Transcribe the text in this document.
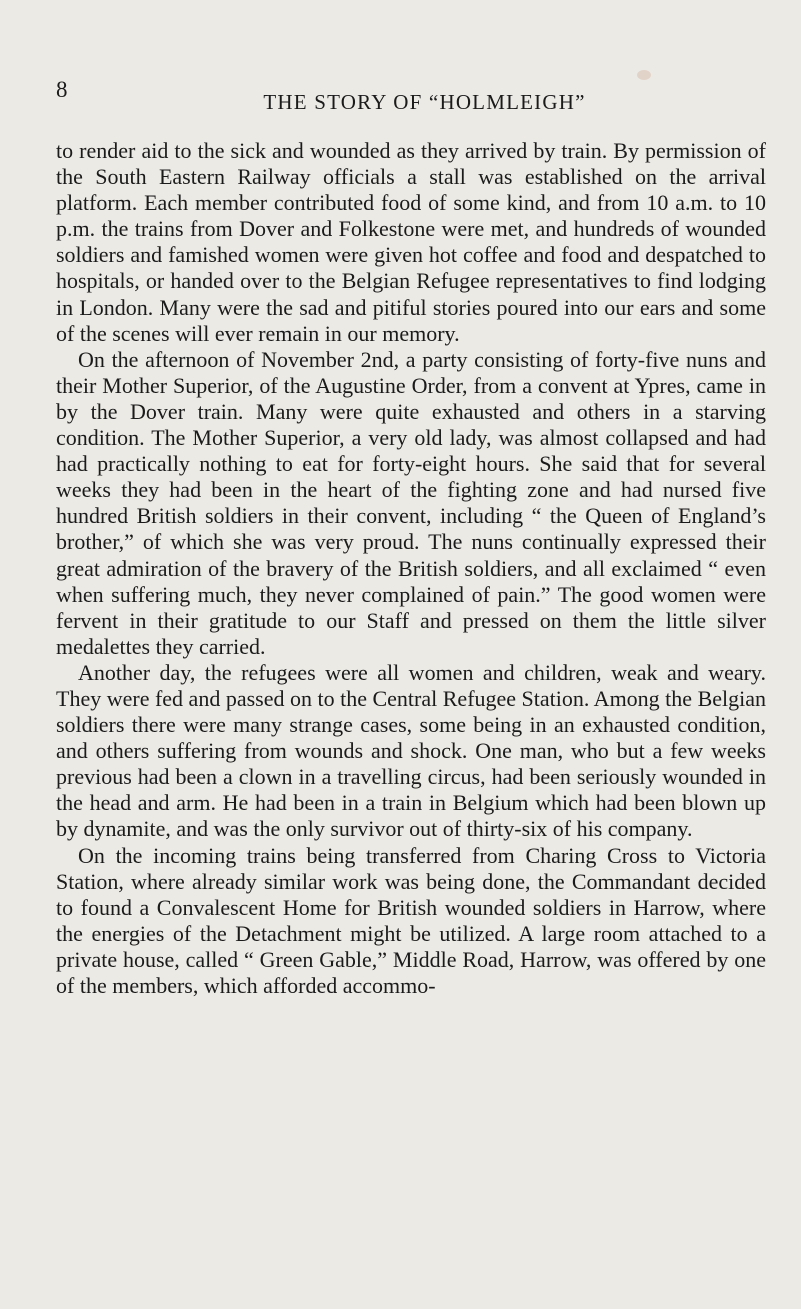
8	THE STORY OF “HOLMLEIGH”

to render aid to the sick and wounded as they arrived by train. By permission of the South Eastern Railway officials a stall was established on the arrival platform. Each member contributed food of some kind, and from 10 a.m. to 10 p.m. the trains from Dover and Folkestone were met, and hundreds of wounded soldiers and famished women were given hot coffee and food and despatched to hospitals, or handed over to the Belgian Refugee representatives to find lodging in London. Many were the sad and pitiful stories poured into our ears and some of the scenes will ever remain in our memory.

On the afternoon of November 2nd, a party consisting of forty-five nuns and their Mother Superior, of the Augustine Order, from a convent at Ypres, came in by the Dover train. Many were quite exhausted and others in a starving condition. The Mother Superior, a very old lady, was almost collapsed and had had practically nothing to eat for forty-eight hours. She said that for several weeks they had been in the heart of the fighting zone and had nursed five hundred British soldiers in their convent, including “ the Queen of England’s brother,” of which she was very proud. The nuns continually expressed their great admiration of the bravery of the British soldiers, and all exclaimed “ even when suffering much, they never complained of pain.” The good women were fervent in their gratitude to our Staff and pressed on them the little silver medalettes they carried.

Another day, the refugees were all women and children, weak and weary. They were fed and passed on to the Central Refugee Station. Among the Belgian soldiers there were many strange cases, some being in an exhausted condition, and others suffering from wounds and shock. One man, who but a few weeks previous had been a clown in a travelling circus, had been seriously wounded in the head and arm. He had been in a train in Belgium which had been blown up by dynamite, and was the only survivor out of thirty-six of his company.

On the incoming trains being transferred from Charing Cross to Victoria Station, where already similar work was being done, the Commandant decided to found a Convalescent Home for British wounded soldiers in Harrow, where the energies of the Detachment might be utilized. A large room attached to a private house, called “ Green Gable,” Middle Road, Harrow, was offered by one of the members, which afforded accommo-
